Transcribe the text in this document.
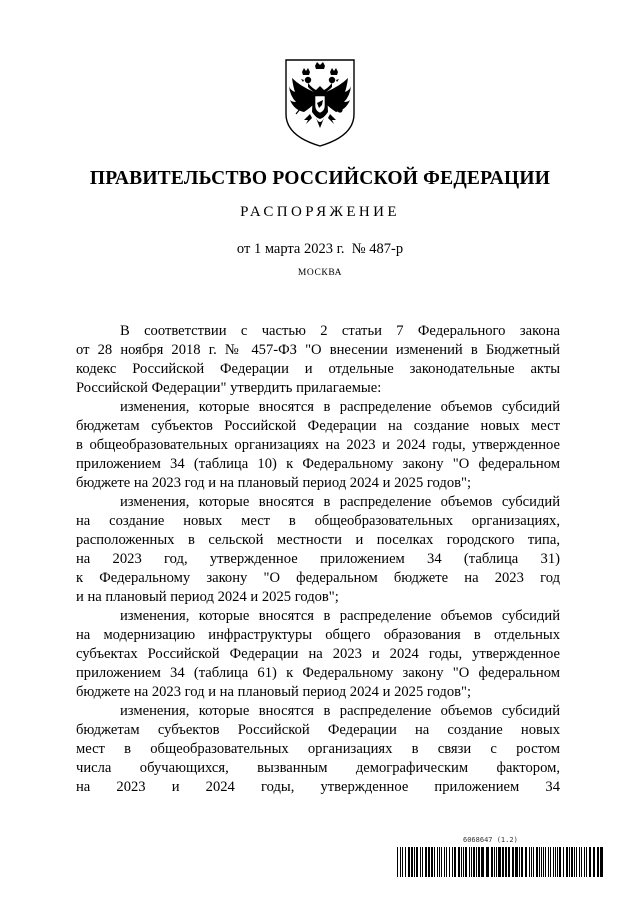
ПРАВИТЕЛЬСТВО РОССИЙСКОЙ ФЕДЕРАЦИИ
РАСПОРЯЖЕНИЕ
от 1 марта 2023 г.  № 487-р
МОСКВА
В соответствии с частью 2 статьи 7 Федерального закона
от 28 ноября 2018 г. № 457-ФЗ "О внесении изменений в Бюджетный
кодекс Российской Федерации и отдельные законодательные акты
Российской Федерации" утвердить прилагаемые:
изменения, которые вносятся в распределение объемов субсидий
бюджетам субъектов Российской Федерации на создание новых мест
в общеобразовательных организациях на 2023 и 2024 годы, утвержденное
приложением 34 (таблица 10) к Федеральному закону "О федеральном
бюджете на 2023 год и на плановый период 2024 и 2025 годов";
изменения, которые вносятся в распределение объемов субсидий
на создание новых мест в общеобразовательных организациях,
расположенных в сельской местности и поселках городского типа,
на 2023 год, утвержденное приложением 34 (таблица 31)
к Федеральному закону "О федеральном бюджете на 2023 год
и на плановый период 2024 и 2025 годов";
изменения, которые вносятся в распределение объемов субсидий
на модернизацию инфраструктуры общего образования в отдельных
субъектах Российской Федерации на 2023 и 2024 годы, утвержденное
приложением 34 (таблица 61) к Федеральному закону "О федеральном
бюджете на 2023 год и на плановый период 2024 и 2025 годов";
изменения, которые вносятся в распределение объемов субсидий
бюджетам субъектов Российской Федерации на создание новых
мест в общеобразовательных организациях в связи с ростом
числа обучающихся, вызванным демографическим фактором,
на 2023 и 2024 годы, утвержденное приложением 34
6068647 (1.2)
